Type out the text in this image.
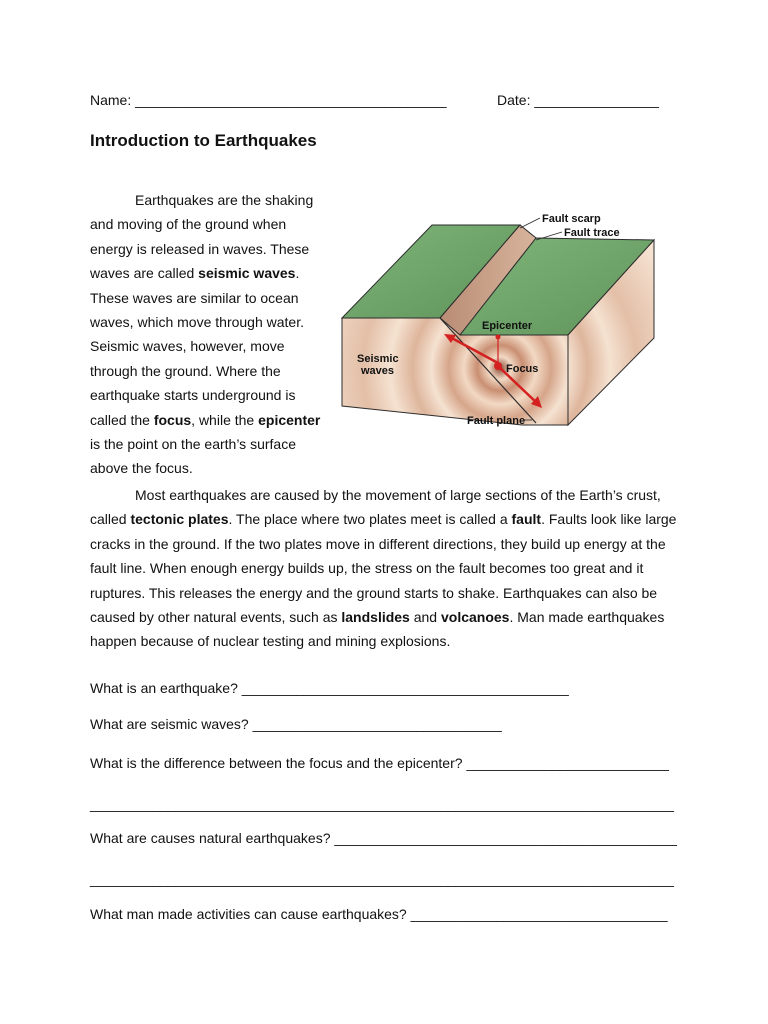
Name: ________________________________________	Date: ________________
Introduction to Earthquakes
Earthquakes are the shaking
and moving of the ground when
energy is released in waves. These
waves are called seismic waves.
These waves are similar to ocean
waves, which move through water.
Seismic waves, however, move
through the ground. Where the
earthquake starts underground is
called the focus, while the epicenter
is the point on the earth’s surface
above the focus.
Fault scarp
Fault trace
Epicenter
Seismic
waves	Focus
Fault plane
Most earthquakes are caused by the movement of large sections of the Earth’s crust,
called tectonic plates. The place where two plates meet is called a fault. Faults look like large
cracks in the ground. If the two plates move in different directions, they build up energy at the
fault line. When enough energy builds up, the stress on the fault becomes too great and it
ruptures. This releases the energy and the ground starts to shake. Earthquakes can also be
caused by other natural events, such as landslides and volcanoes. Man made earthquakes
happen because of nuclear testing and mining explosions.
What is an earthquake? __________________________________________
What are seismic waves? ________________________________
What is the difference between the focus and the epicenter? __________________________
___________________________________________________________________________
What are causes natural earthquakes? ____________________________________________
___________________________________________________________________________
What man made activities can cause earthquakes? _________________________________
